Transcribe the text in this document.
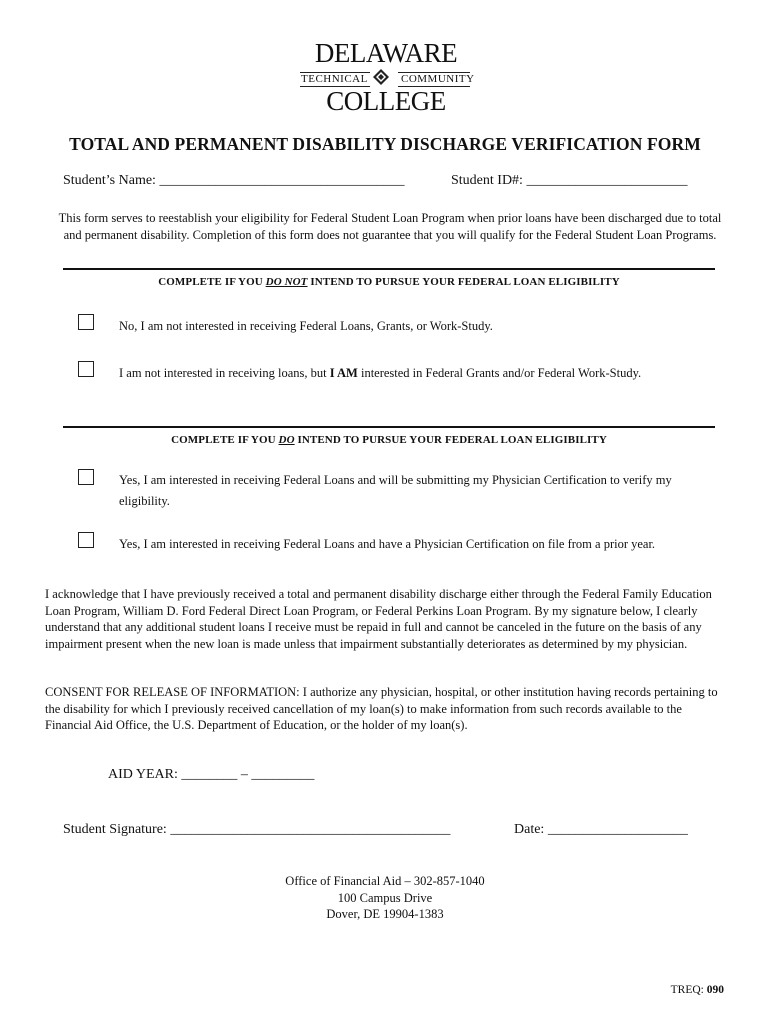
DELAWARE
TECHNICAL	COMMUNITY
COLLEGE
TOTAL AND PERMANENT DISABILITY DISCHARGE VERIFICATION FORM
Student’s Name: ___________________________________	Student ID#: _______________________
This form serves to reestablish your eligibility for Federal Student Loan Program when prior loans have been discharged due to total and permanent disability. Completion of this form does not guarantee that you will qualify for the Federal Student Loan Programs.
COMPLETE IF YOU DO NOT INTEND TO PURSUE YOUR FEDERAL LOAN ELIGIBILITY
No, I am not interested in receiving Federal Loans, Grants, or Work-Study.
I am not interested in receiving loans, but I AM interested in Federal Grants and/or Federal Work-Study.
COMPLETE IF YOU DO INTEND TO PURSUE YOUR FEDERAL LOAN ELIGIBILITY
Yes, I am interested in receiving Federal Loans and will be submitting my Physician Certification to verify my eligibility.
Yes, I am interested in receiving Federal Loans and have a Physician Certification on file from a prior year.
I acknowledge that I have previously received a total and permanent disability discharge either through the Federal Family Education Loan Program, William D. Ford Federal Direct Loan Program, or Federal Perkins Loan Program. By my signature below, I clearly understand that any additional student loans I receive must be repaid in full and cannot be canceled in the future on the basis of any impairment present when the new loan is made unless that impairment substantially deteriorates as determined by my physician.
CONSENT FOR RELEASE OF INFORMATION: I authorize any physician, hospital, or other institution having records pertaining to the disability for which I previously received cancellation of my loan(s) to make information from such records available to the Financial Aid Office, the U.S. Department of Education, or the holder of my loan(s).
AID YEAR: ________ – _________
Student Signature: ________________________________________	Date: ____________________
Office of Financial Aid – 302-857-1040
100 Campus Drive
Dover, DE 19904-1383
TREQ: 090
